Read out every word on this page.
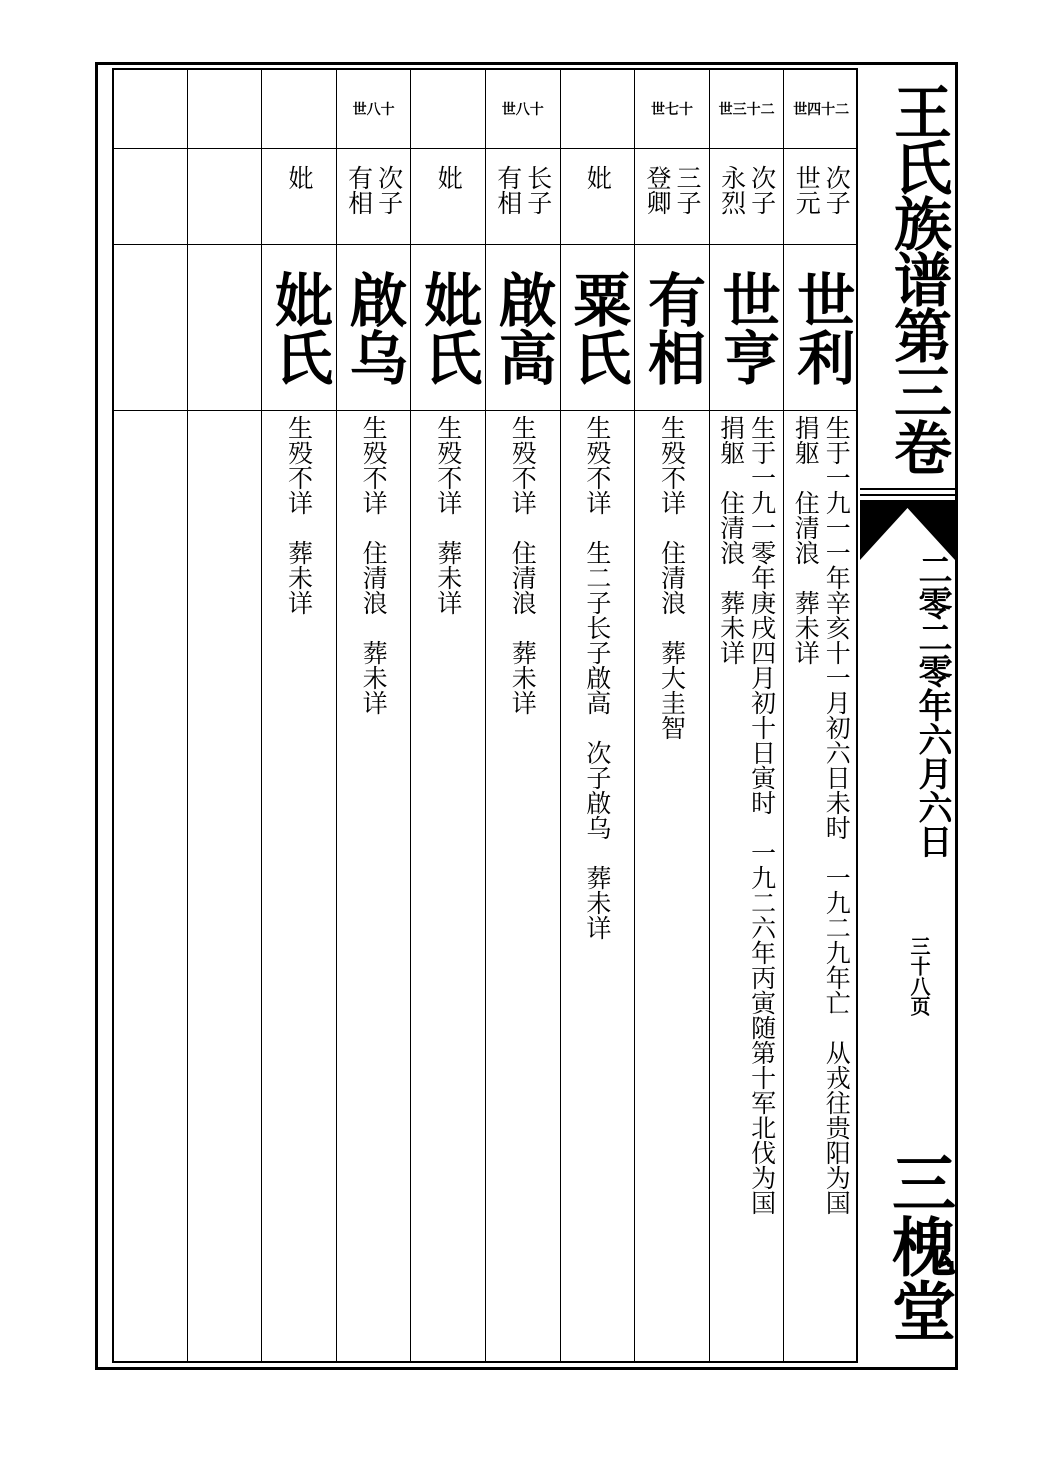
世四十二
世元 次子
世利
生于一九一一年辛亥十一月初六日未时　一九二九年亡　从戎往贵阳为国
捐躯　住清浪　葬未详
世三十二
永烈 次子
世亨
生于一九一零年庚戌四月初十日寅时　一九二六年丙寅随第十军北伐为国
捐躯　住清浪　葬未详
世七十
登卿 三子
有相
生殁不详　住清浪　葬大圭智
妣
粟氏
生殁不详　生二子长子啟高　次子啟乌　葬未详
世八十
有相 长子
啟高
生殁不详　住清浪　葬未详
妣
妣氏
生殁不详　葬未详
世八十
有相 次子
啟乌
生殁不详　住清浪　葬未详
妣
妣氏
生殁不详　葬未详
王氏族谱第三卷
二零二零年六月六日
三十八页
三槐堂
